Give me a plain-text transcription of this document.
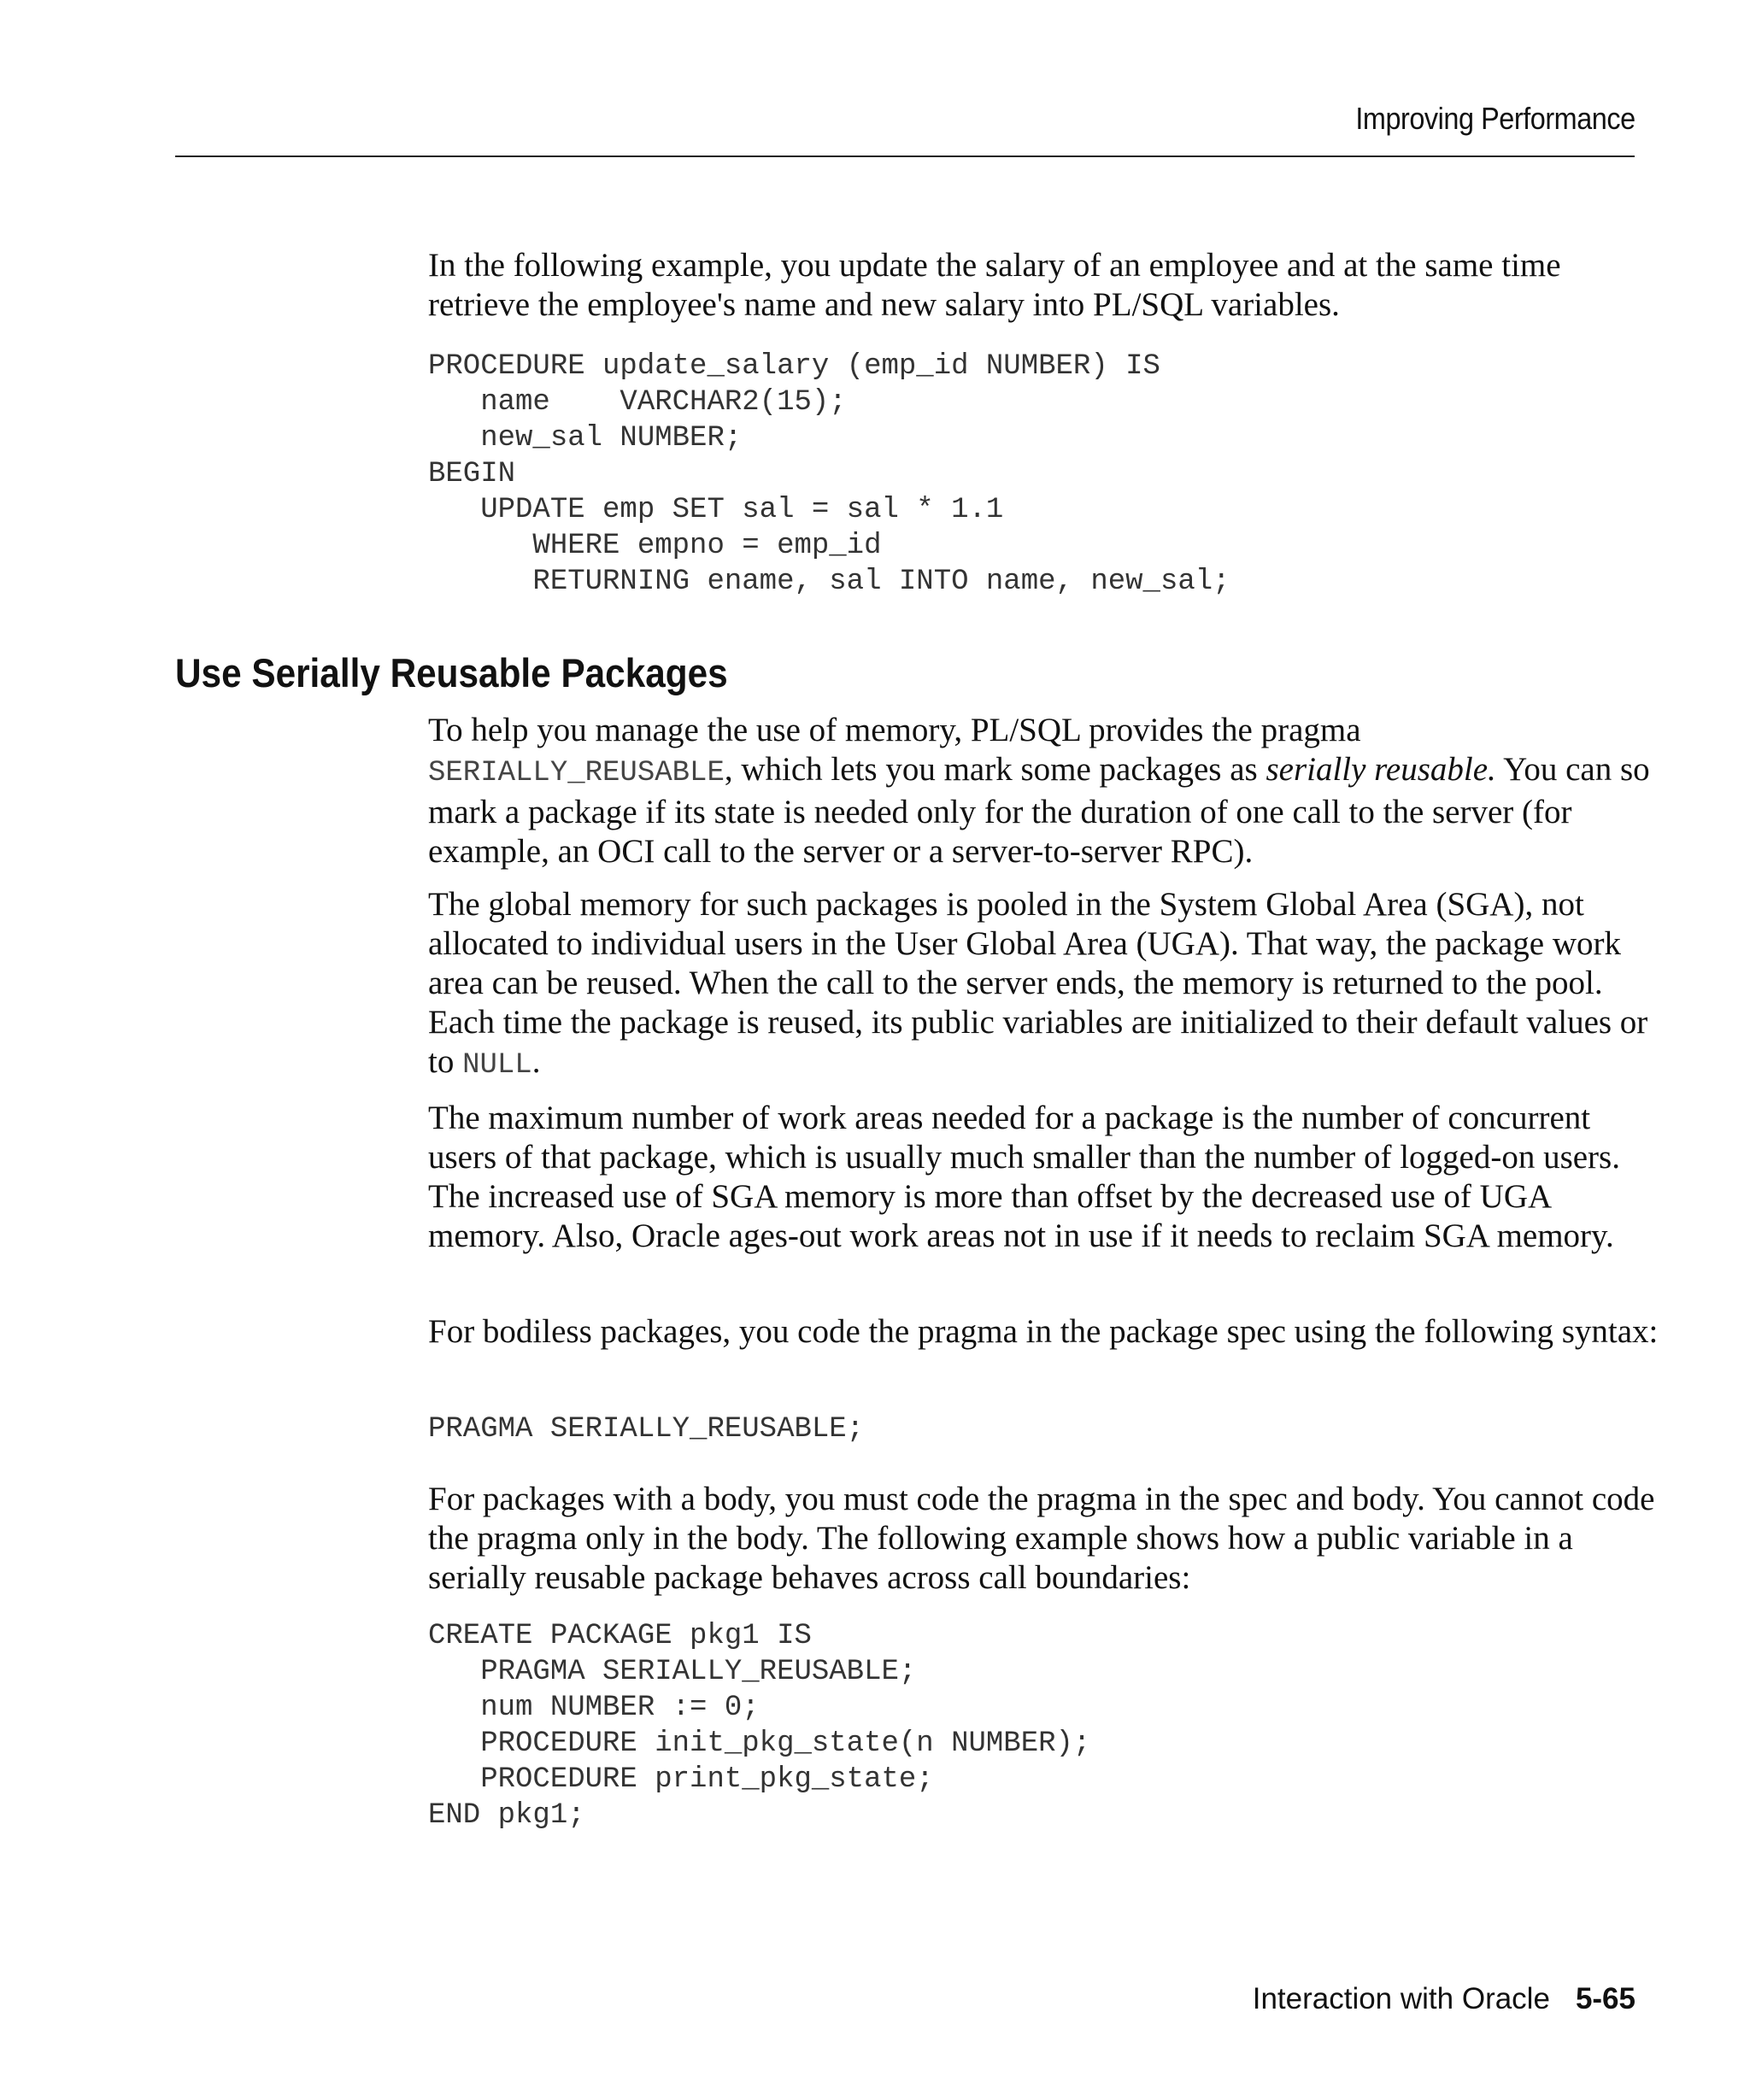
Improving Performance

In the following example, you update the salary of an employee and at the same time retrieve the employee's name and new salary into PL/SQL variables.

PROCEDURE update_salary (emp_id NUMBER) IS
name    VARCHAR2(15);
new_sal NUMBER;
BEGIN
UPDATE emp SET sal = sal * 1.1
WHERE empno = emp_id
RETURNING ename, sal INTO name, new_sal;
Use Serially Reusable Packages

To help you manage the use of memory, PL/SQL provides the pragma SERIALLY_REUSABLE, which lets you mark some packages as serially reusable. You can so mark a package if its state is needed only for the duration of one call to the server (for example, an OCI call to the server or a server-to-server RPC).

The global memory for such packages is pooled in the System Global Area (SGA), not allocated to individual users in the User Global Area (UGA). That way, the package work area can be reused. When the call to the server ends, the memory is returned to the pool. Each time the package is reused, its public variables are initialized to their default values or to NULL.

The maximum number of work areas needed for a package is the number of concurrent users of that package, which is usually much smaller than the number of logged-on users. The increased use of SGA memory is more than offset by the decreased use of UGA memory. Also, Oracle ages-out work areas not in use if it needs to reclaim SGA memory.

For bodiless packages, you code the pragma in the package spec using the following syntax:

PRAGMA SERIALLY_REUSABLE;

For packages with a body, you must code the pragma in the spec and body. You cannot code the pragma only in the body. The following example shows how a public variable in a serially reusable package behaves across call boundaries:

CREATE PACKAGE pkg1 IS
PRAGMA SERIALLY_REUSABLE;
num NUMBER := 0;
PROCEDURE init_pkg_state(n NUMBER);
PROCEDURE print_pkg_state;
END pkg1;
Interaction with Oracle 5-65
